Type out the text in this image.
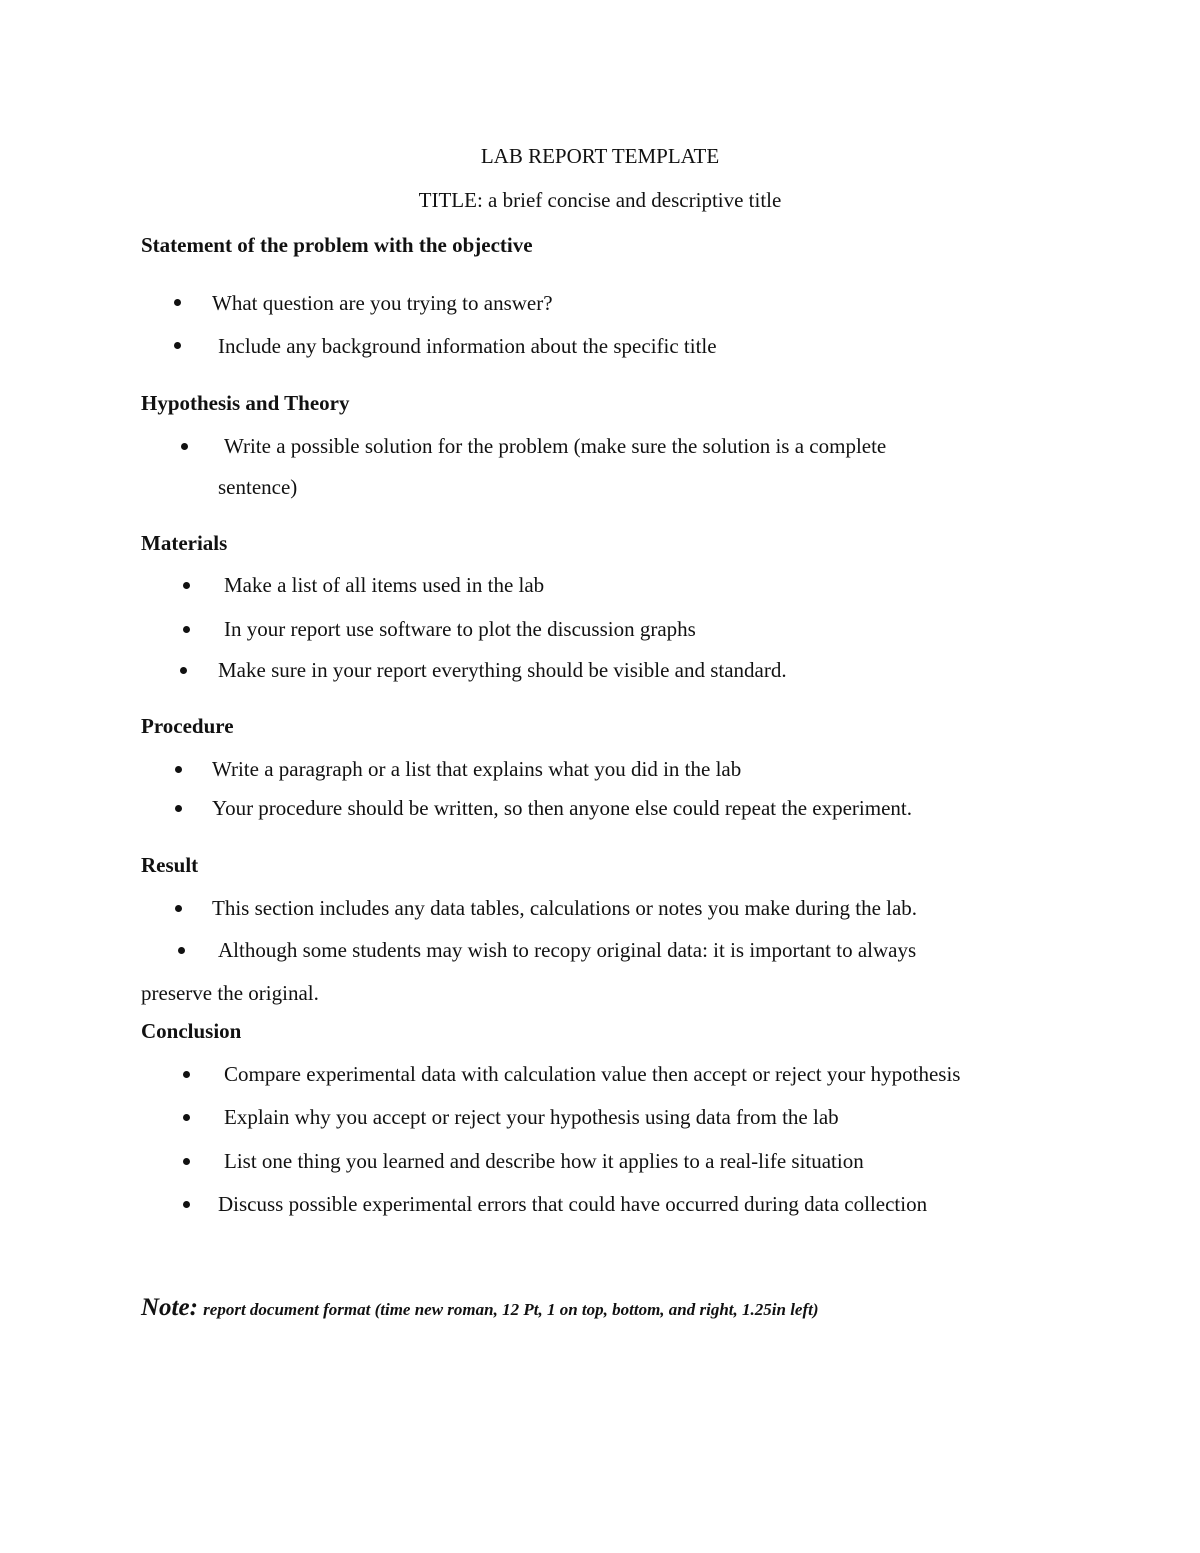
LAB REPORT TEMPLATE
TITLE: a brief concise and descriptive title
Statement of the problem with the objective
What question are you trying to answer?
Include any background information about the specific title
Hypothesis and Theory
Write a possible solution for the problem (make sure the solution is a complete
sentence)
Materials
Make a list of all items used in the lab
In your report use software to plot the discussion graphs
Make sure in your report everything should be visible and standard.
Procedure
Write a paragraph or a list that explains what you did in the lab
Your procedure should be written, so then anyone else could repeat the experiment.
Result
This section includes any data tables, calculations or notes you make during the lab.
Although some students may wish to recopy original data: it is important to always
preserve the original.
Conclusion
Compare experimental data with calculation value then accept or reject your hypothesis
Explain why you accept or reject your hypothesis using data from the lab
List one thing you learned and describe how it applies to a real-life situation
Discuss possible experimental errors that could have occurred during data collection
Note: report document format (time new roman, 12 Pt, 1 on top, bottom, and right, 1.25in left)
